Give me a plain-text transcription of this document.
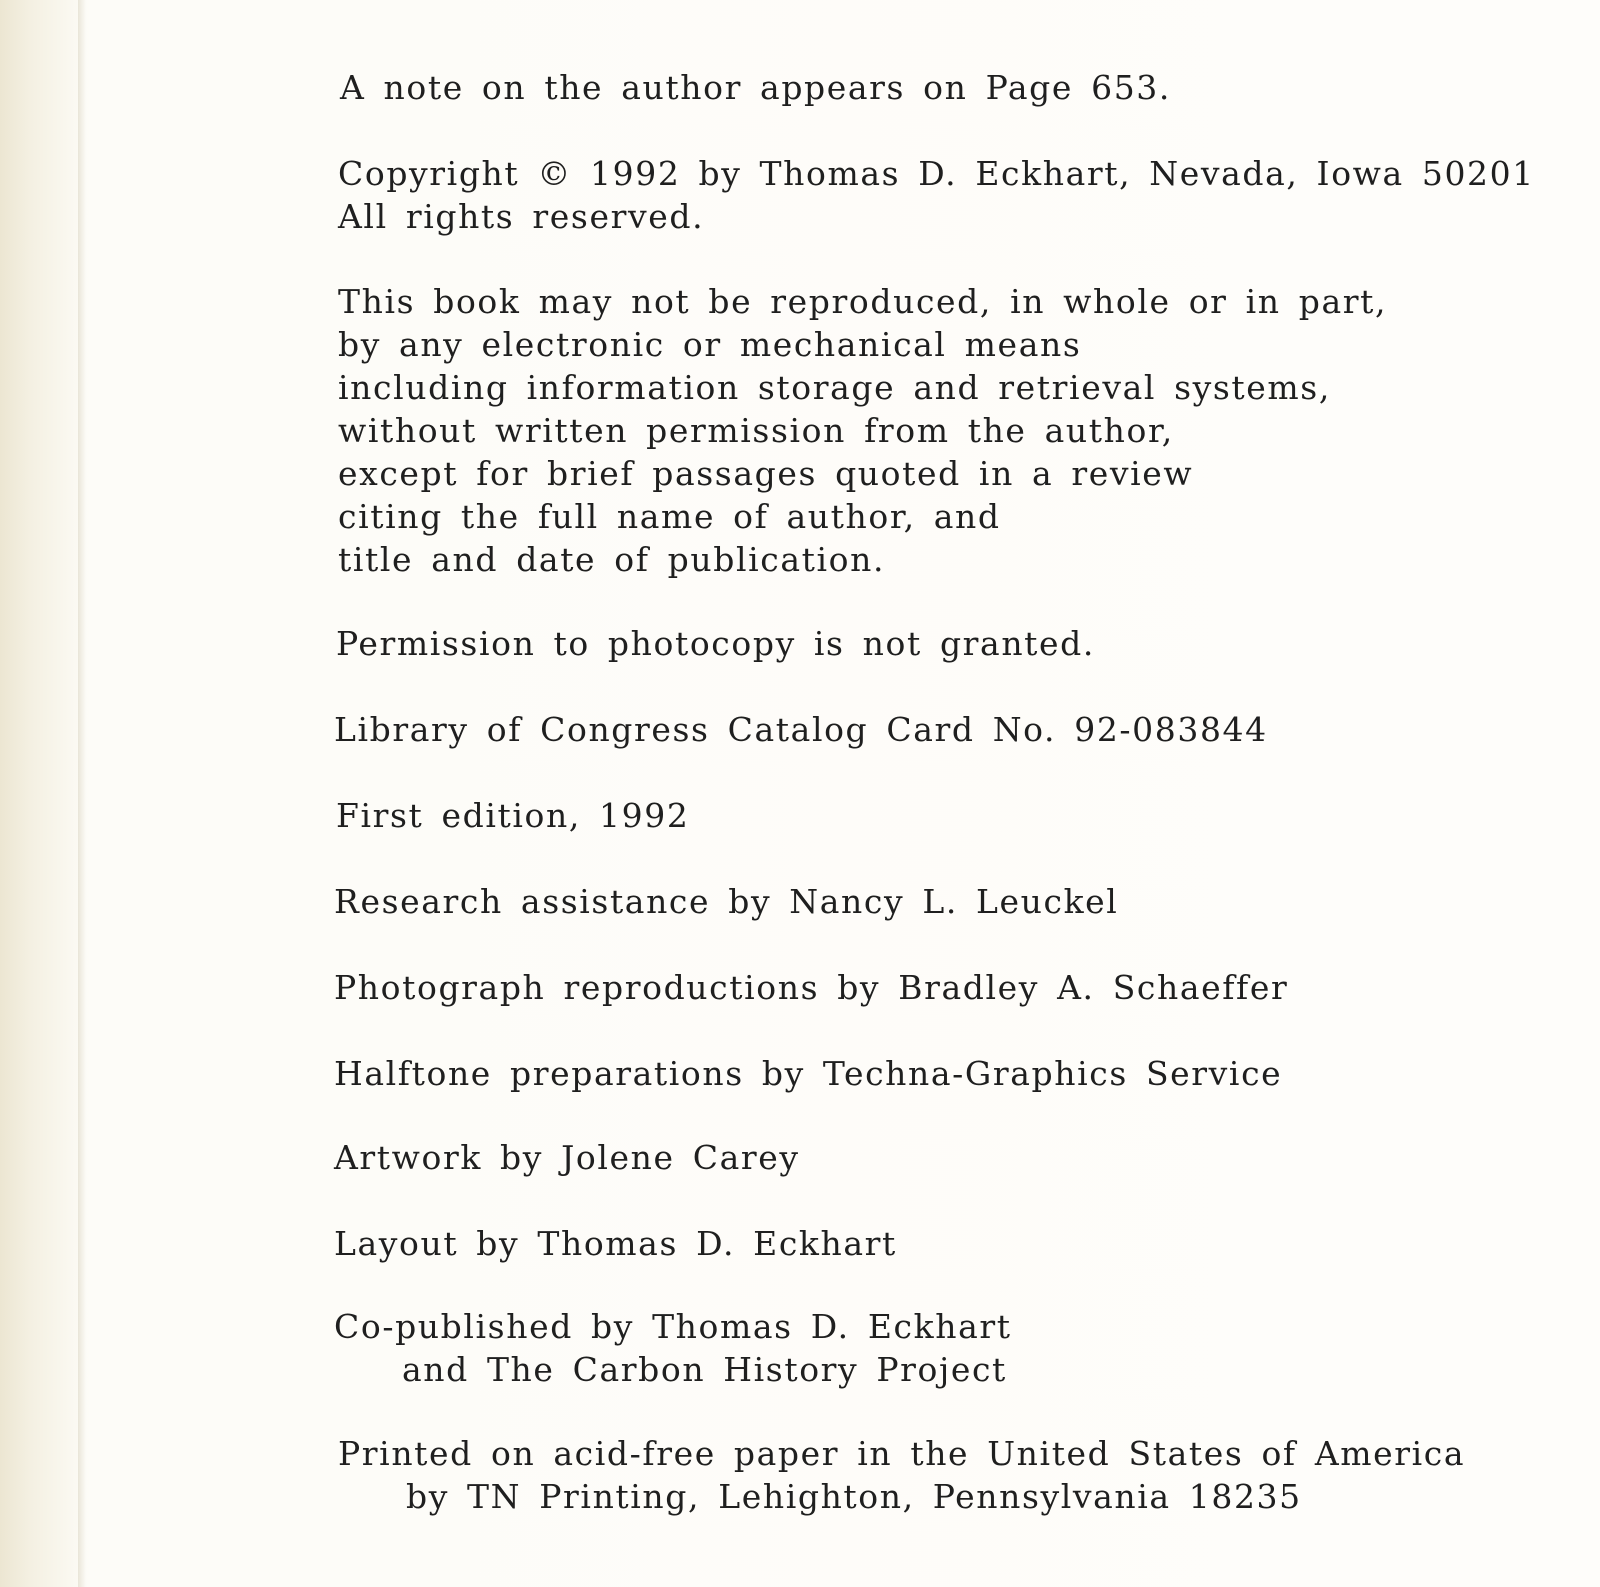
A note on the author appears on Page 653.
Copyright © 1992 by Thomas D. Eckhart, Nevada, Iowa 50201
All rights reserved.
This book may not be reproduced, in whole or in part,
by any electronic or mechanical means
including information storage and retrieval systems,
without written permission from the author,
except for brief passages quoted in a review
citing the full name of author, and
title and date of publication.
Permission to photocopy is not granted.
Library of Congress Catalog Card No. 92-083844
First edition, 1992
Research assistance by Nancy L. Leuckel
Photograph reproductions by Bradley A. Schaeffer
Halftone preparations by Techna-Graphics Service
Artwork by Jolene Carey
Layout by Thomas D. Eckhart
Co-published by Thomas D. Eckhart
and The Carbon History Project
Printed on acid-free paper in the United States of America
by TN Printing, Lehighton, Pennsylvania 18235
